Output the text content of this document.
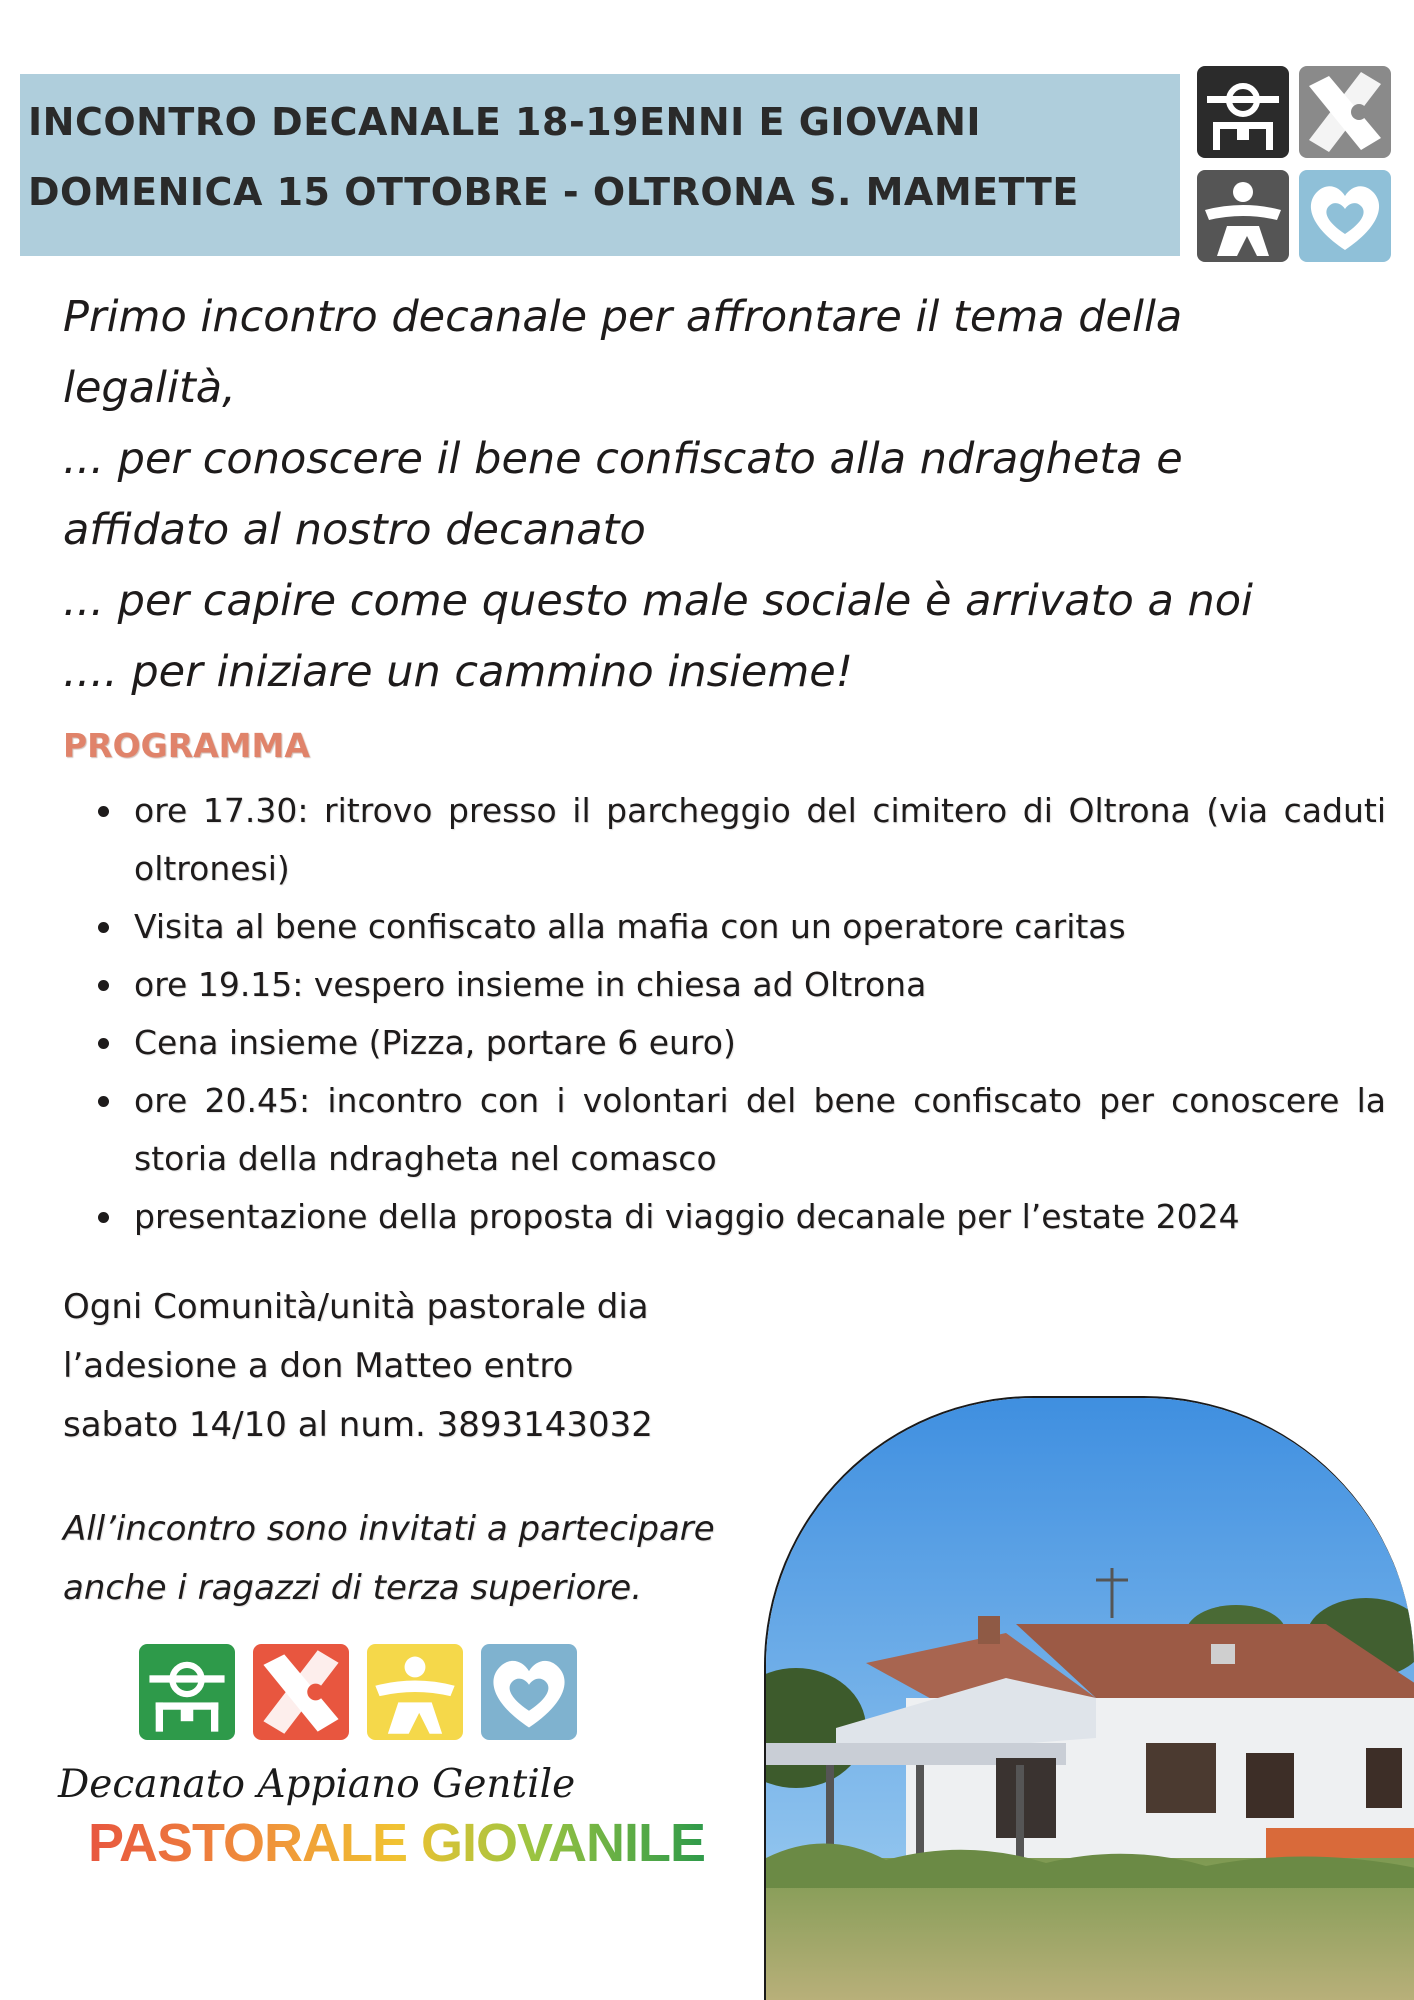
INCONTRO DECANALE 18-19ENNI E GIOVANI
DOMENICA 15 OTTOBRE - OLTRONA S. MAMETTE

Primo incontro decanale per affrontare il tema della

legalità,

... per conoscere il bene confiscato alla ndragheta e

affidato al nostro decanato

... per capire come questo male sociale è arrivato a noi

.... per iniziare un cammino insieme!

PROGRAMMA
ore 17.30: ritrovo presso il parcheggio del cimitero di Oltrona (via caduti oltronesi)
Visita al bene confiscato alla mafia con un operatore caritas
ore 19.15: vespero insieme in chiesa ad Oltrona
Cena insieme (Pizza, portare 6 euro)
ore 20.45: incontro con i volontari del bene confiscato per conoscere la storia della ndragheta nel comasco
presentazione della proposta di viaggio decanale per l’estate 2024

Ogni Comunità/unità pastorale dia

l’adesione a don Matteo entro

sabato 14/10 al num. 3893143032

All’incontro sono invitati a partecipare

anche i ragazzi di terza superiore.

Decanato Appiano Gentile

PASTORALE GIOVANILE
